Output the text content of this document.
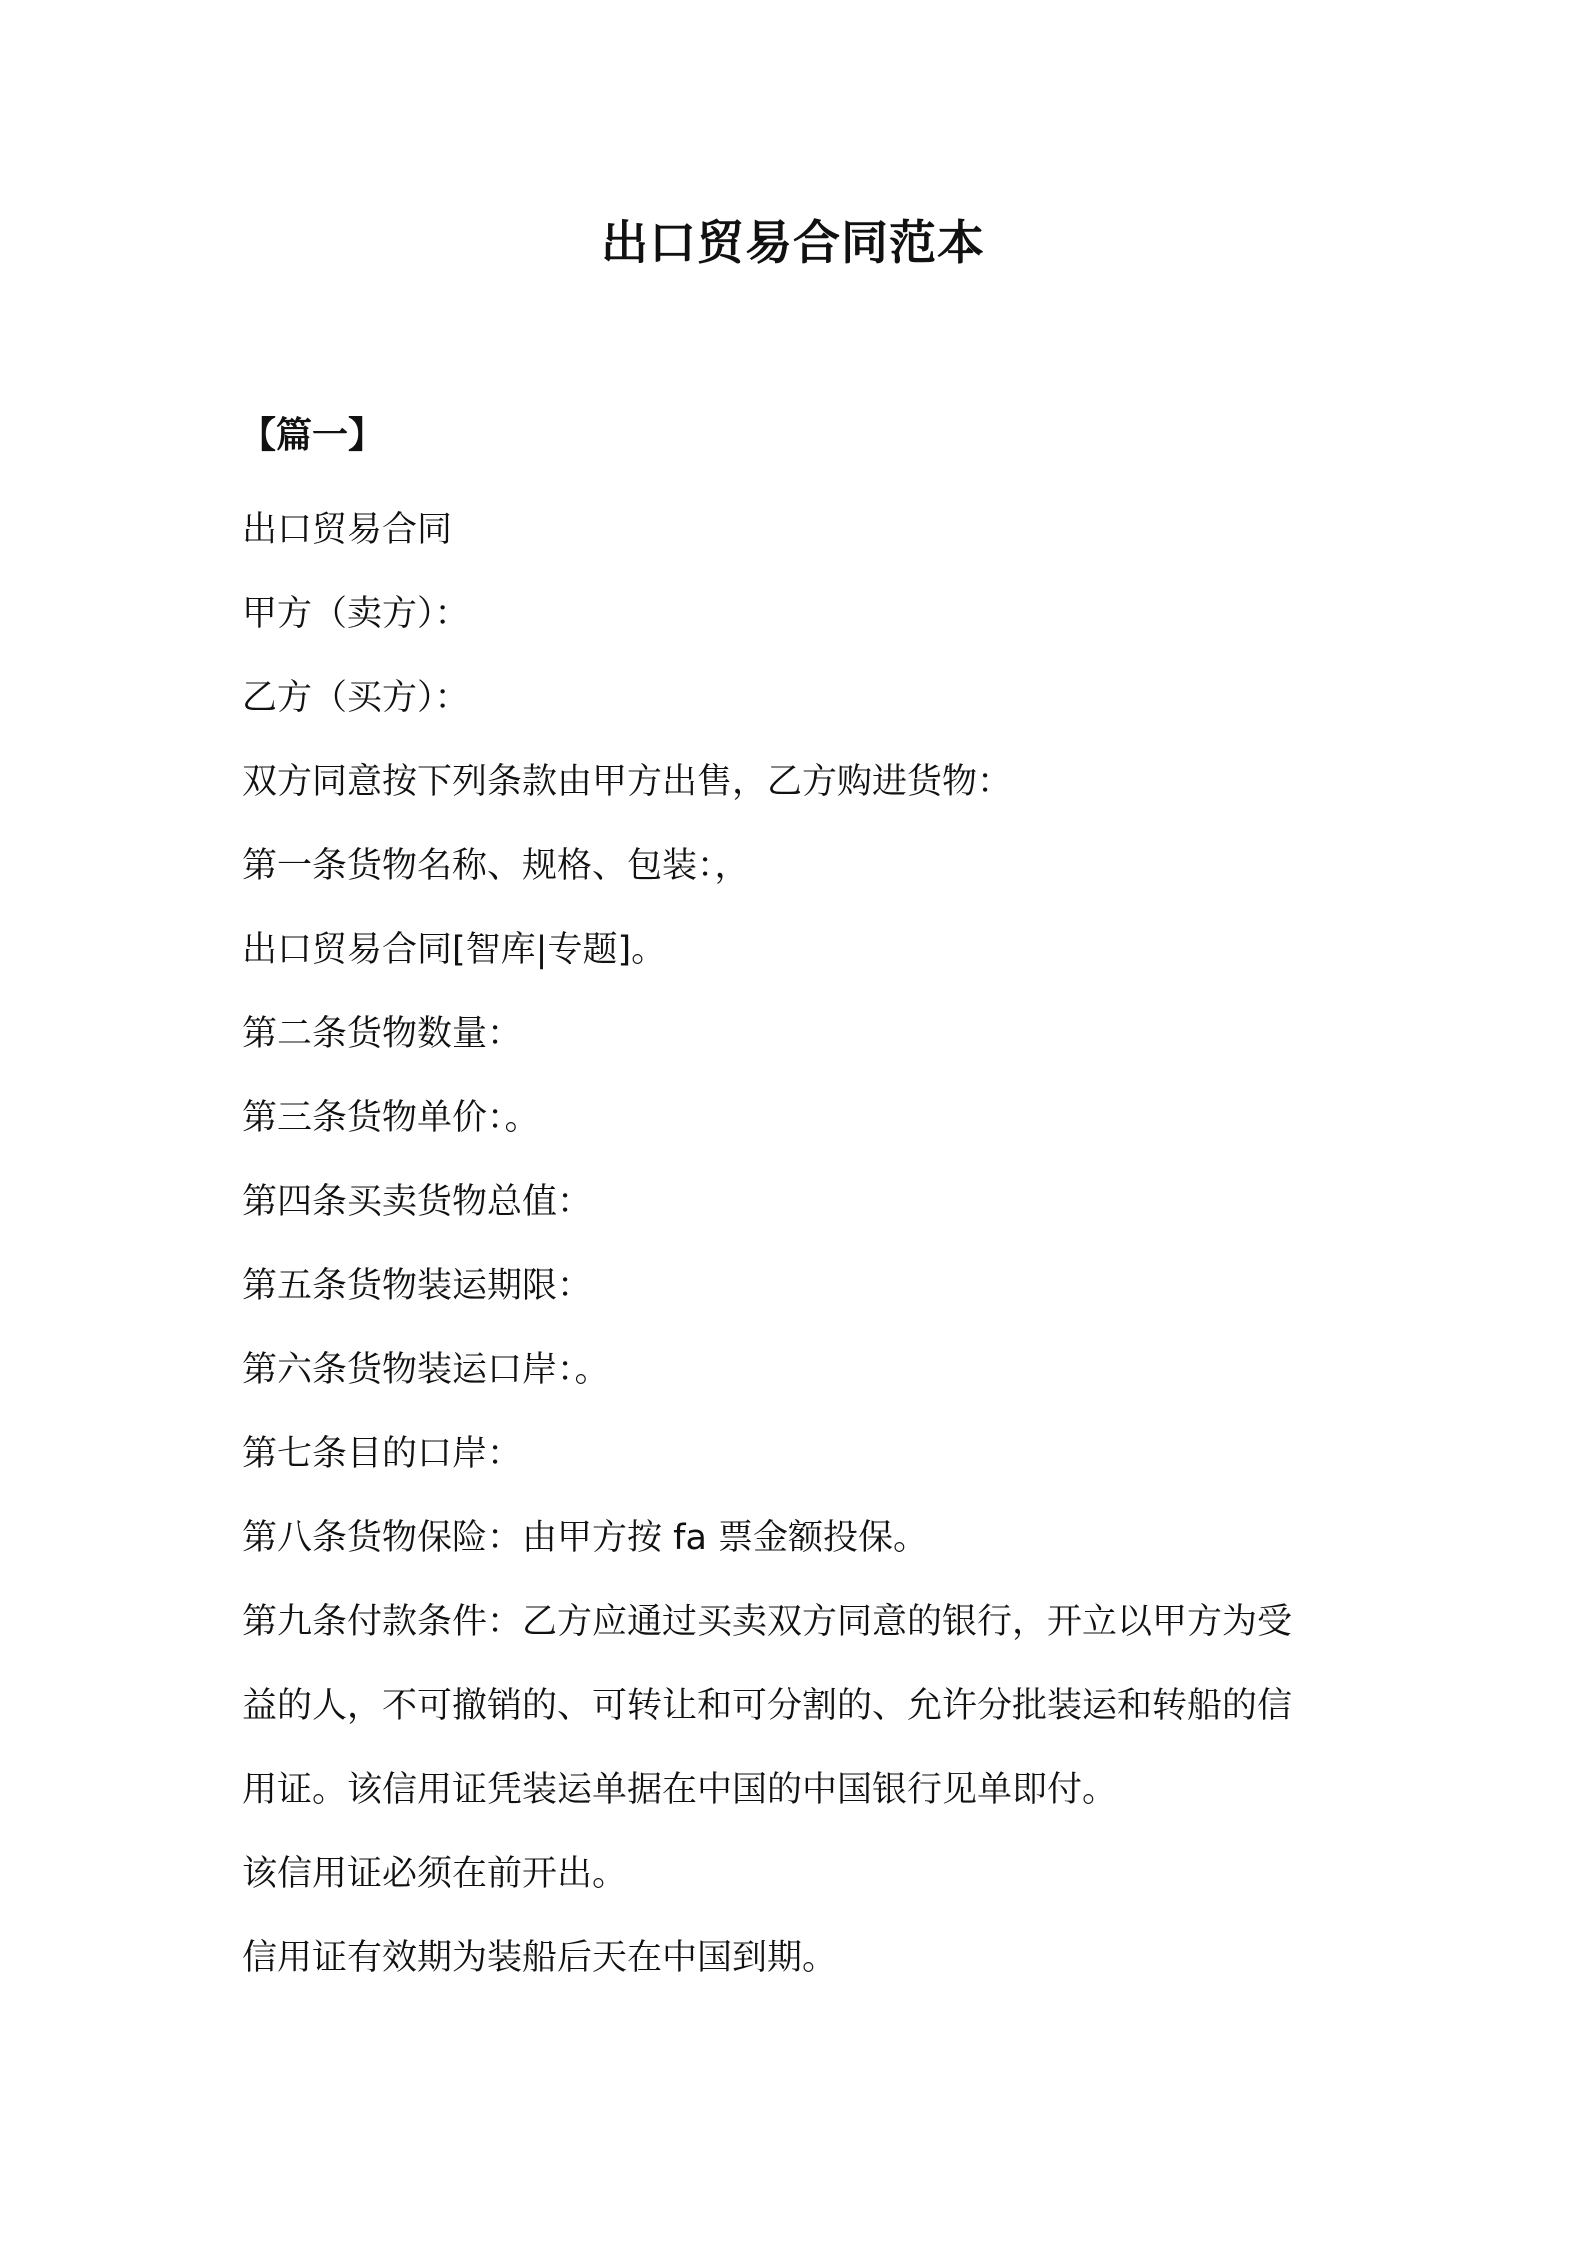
出口贸易合同范本
【篇一】
出口贸易合同
甲方（卖方）：
乙方（买方）：
双方同意按下列条款由甲方出售，乙方购进货物：
第一条货物名称、规格、包装：，
出口贸易合同[智库|专题]。
第二条货物数量：
第三条货物单价：。
第四条买卖货物总值：
第五条货物装运期限：
第六条货物装运口岸：。
第七条目的口岸：
第八条货物保险：由甲方按 fa 票金额投保。
第九条付款条件：乙方应通过买卖双方同意的银行，开立以甲方为受
益的人，不可撤销的、可转让和可分割的、允许分批装运和转船的信
用证。该信用证凭装运单据在中国的中国银行见单即付。
该信用证必须在前开出。
信用证有效期为装船后天在中国到期。
